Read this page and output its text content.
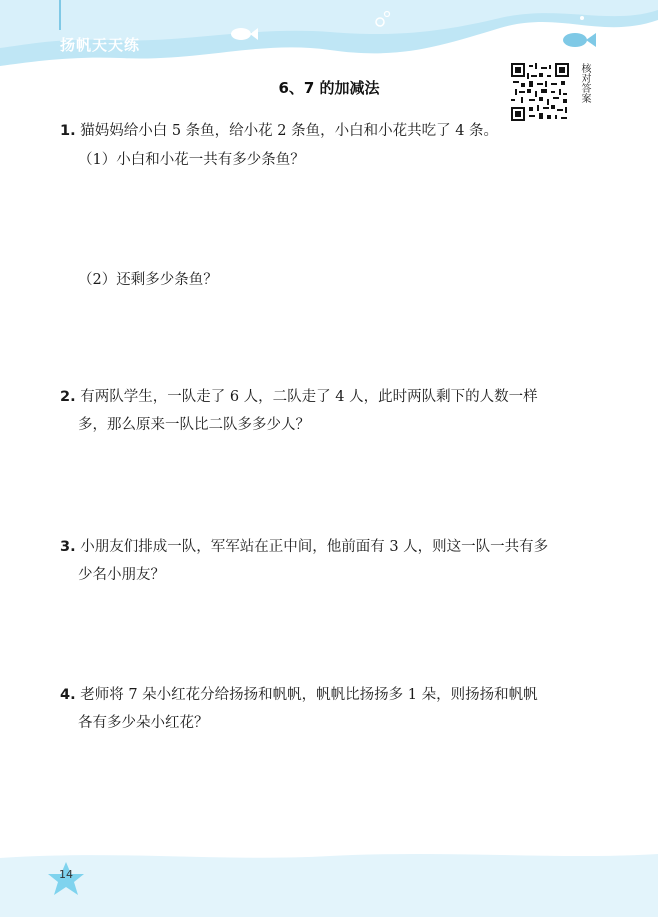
扬帆天天练
6、7 的加减法	核对答案
1. 猫妈妈给小白 5 条鱼，给小花 2 条鱼，小白和小花共吃了 4 条。
（1）小白和小花一共有多少条鱼？
（2）还剩多少条鱼？
2. 有两队学生，一队走了 6 人，二队走了 4 人，此时两队剩下的人数一样
多，那么原来一队比二队多多少人？
3. 小朋友们排成一队，军军站在正中间，他前面有 3 人，则这一队一共有多
少名小朋友？
4. 老师将 7 朵小红花分给扬扬和帆帆，帆帆比扬扬多 1 朵，则扬扬和帆帆
各有多少朵小红花？
14
